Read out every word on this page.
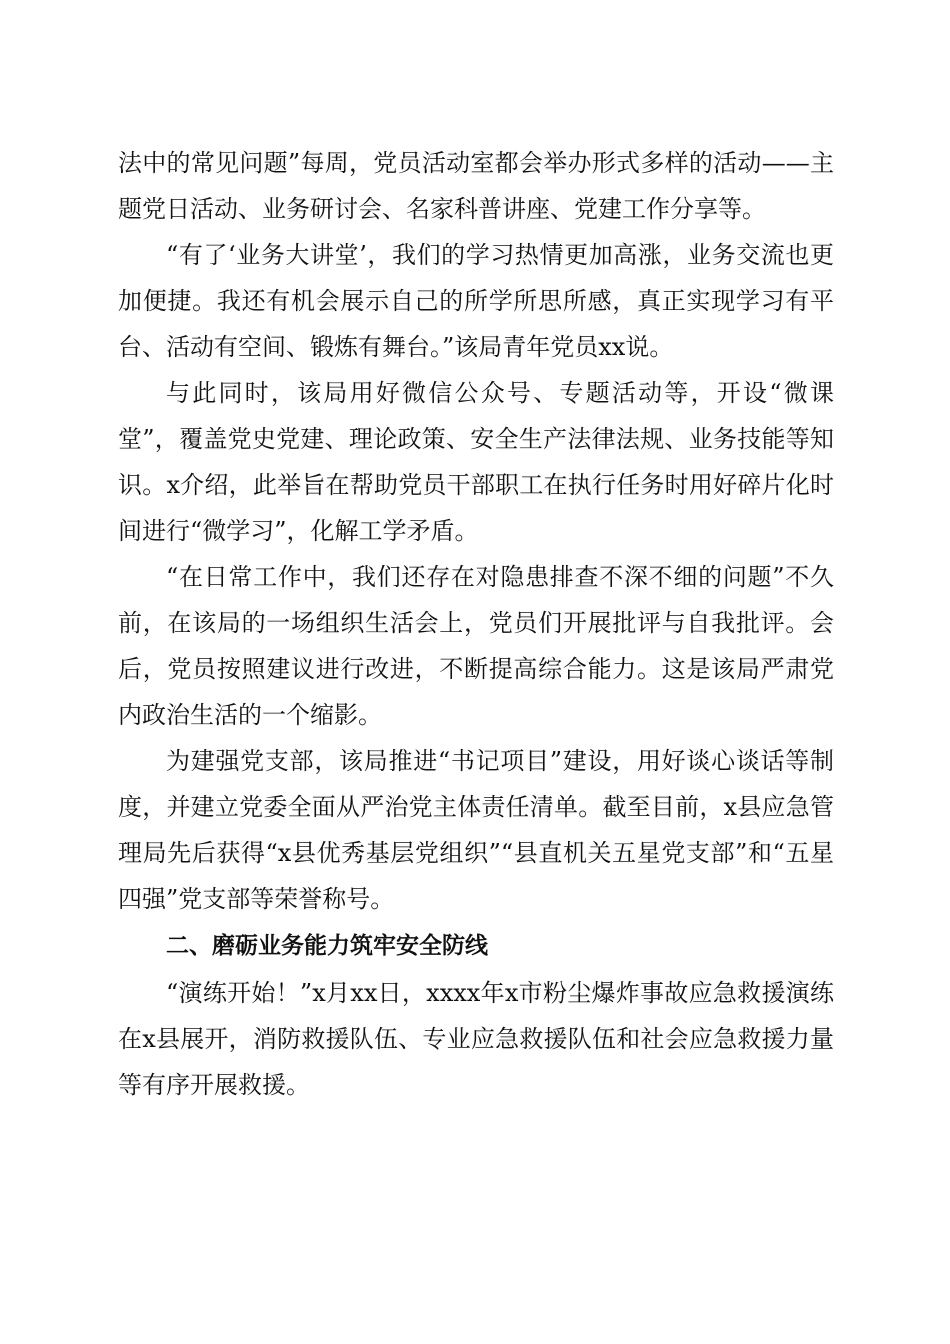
法中的常见问题”每周，党员活动室都会举办形式多样的活动——主题党日活动、业务研讨会、名家科普讲座、党建工作分享等。

“有了‘业务大讲堂’，我们的学习热情更加高涨，业务交流也更加便捷。我还有机会展示自己的所学所思所感，真正实现学习有平台、活动有空间、锻炼有舞台。”该局青年党员xx说。

与此同时，该局用好微信公众号、专题活动等，开设“微课堂”，覆盖党史党建、理论政策、安全生产法律法规、业务技能等知识。x介绍，此举旨在帮助党员干部职工在执行任务时用好碎片化时间进行“微学习”，化解工学矛盾。

“在日常工作中，我们还存在对隐患排查不深不细的问题”不久前，在该局的一场组织生活会上，党员们开展批评与自我批评。会后，党员按照建议进行改进，不断提高综合能力。这是该局严肃党内政治生活的一个缩影。

为建强党支部，该局推进“书记项目”建设，用好谈心谈话等制度，并建立党委全面从严治党主体责任清单。截至目前，x县应急管理局先后获得“x县优秀基层党组织”“县直机关五星党支部”和“五星四强”党支部等荣誉称号。

二、磨砺业务能力筑牢安全防线

“演练开始！”x月xx日，xxxx年x市粉尘爆炸事故应急救援演练在x县展开，消防救援队伍、专业应急救援队伍和社会应急救援力量等有序开展救援。
